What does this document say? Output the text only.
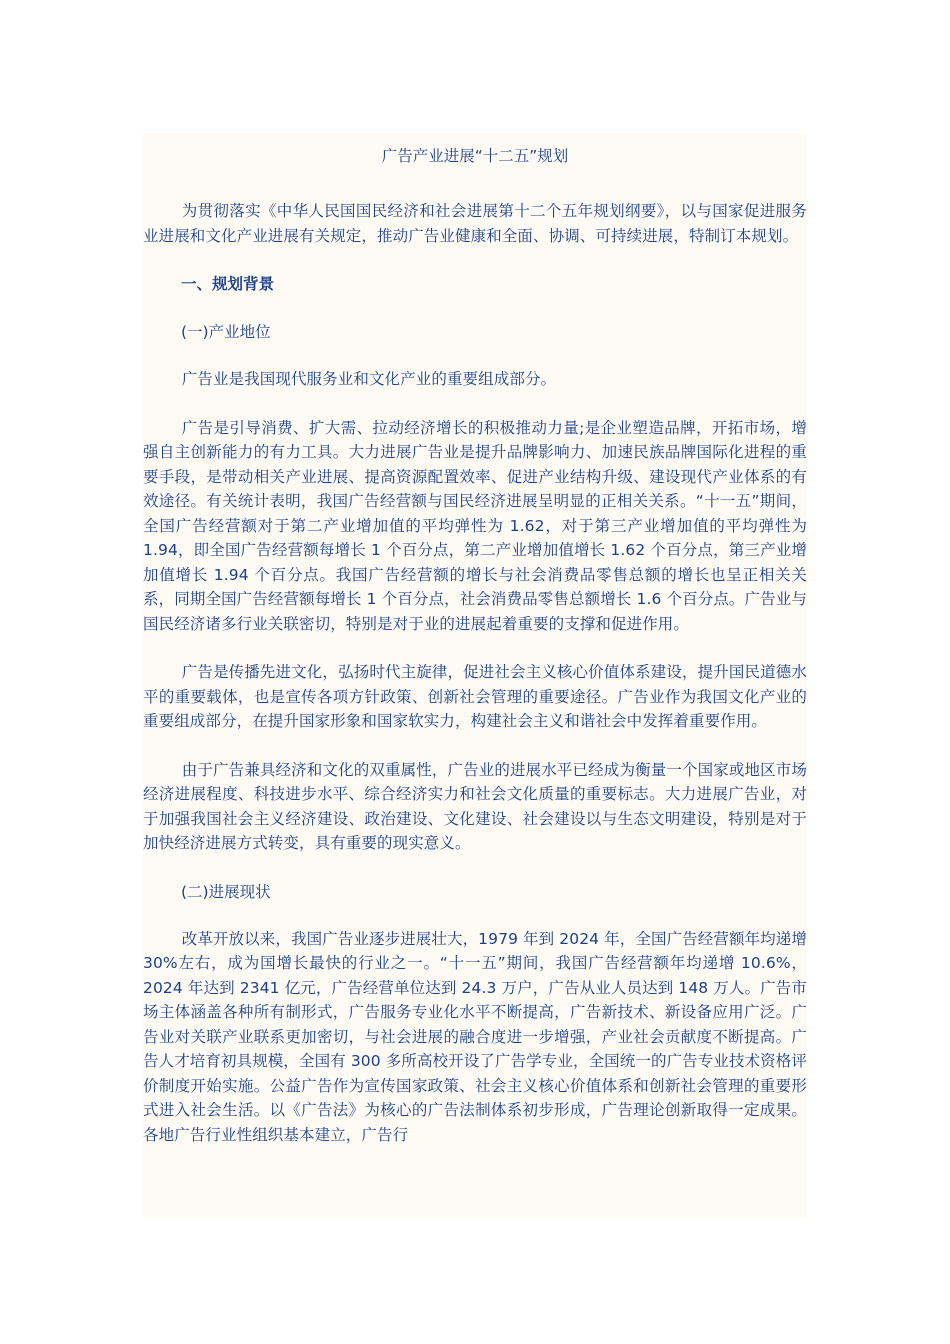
广告产业进展“十二五”规划

为贯彻落实《中华人民国国民经济和社会进展第十二个五年规划纲要》，以与国家促进服务业进展和文化产业进展有关规定，推动广告业健康和全面、协调、可持续进展，特制订本规划。

一、规划背景
(一)产业地位

广告业是我国现代服务业和文化产业的重要组成部分。

广告是引导消费、扩大需、拉动经济增长的积极推动力量;是企业塑造品牌，开拓市场，增强自主创新能力的有力工具。大力进展广告业是提升品牌影响力、加速民族品牌国际化进程的重要手段，是带动相关产业进展、提高资源配置效率、促进产业结构升级、建设现代产业体系的有效途径。有关统计表明，我国广告经营额与国民经济进展呈明显的正相关关系。“十一五”期间，全国广告经营额对于第二产业增加值的平均弹性为 1.62，对于第三产业增加值的平均弹性为 1.94，即全国广告经营额每增长 1 个百分点，第二产业增加值增长 1.62 个百分点，第三产业增加值增长 1.94 个百分点。我国广告经营额的增长与社会消费品零售总额的增长也呈正相关关系，同期全国广告经营额每增长 1 个百分点，社会消费品零售总额增长 1.6 个百分点。广告业与国民经济诸多行业关联密切，特别是对于业的进展起着重要的支撑和促进作用。

广告是传播先进文化，弘扬时代主旋律，促进社会主义核心价值体系建设，提升国民道德水平的重要载体，也是宣传各项方针政策、创新社会管理的重要途径。广告业作为我国文化产业的重要组成部分，在提升国家形象和国家软实力，构建社会主义和谐社会中发挥着重要作用。

由于广告兼具经济和文化的双重属性，广告业的进展水平已经成为衡量一个国家或地区市场经济进展程度、科技进步水平、综合经济实力和社会文化质量的重要标志。大力进展广告业，对于加强我国社会主义经济建设、政治建设、文化建设、社会建设以与生态文明建设，特别是对于加快经济进展方式转变，具有重要的现实意义。

(二)进展现状

改革开放以来，我国广告业逐步进展壮大，1979 年到 2024 年，全国广告经营额年均递增 30%左右，成为国增长最快的行业之一。“十一五”期间，我国广告经营额年均递增 10.6%，2024 年达到 2341 亿元，广告经营单位达到 24.3 万户，广告从业人员达到 148 万人。广告市场主体涵盖各种所有制形式，广告服务专业化水平不断提高，广告新技术、新设备应用广泛。广告业对关联产业联系更加密切，与社会进展的融合度进一步增强，产业社会贡献度不断提高。广告人才培育初具规模，全国有 300 多所高校开设了广告学专业，全国统一的广告专业技术资格评价制度开始实施。公益广告作为宣传国家政策、社会主义核心价值体系和创新社会管理的重要形式进入社会生活。以《广告法》为核心的广告法制体系初步形成，广告理论创新取得一定成果。各地广告行业性组织基本建立，广告行
